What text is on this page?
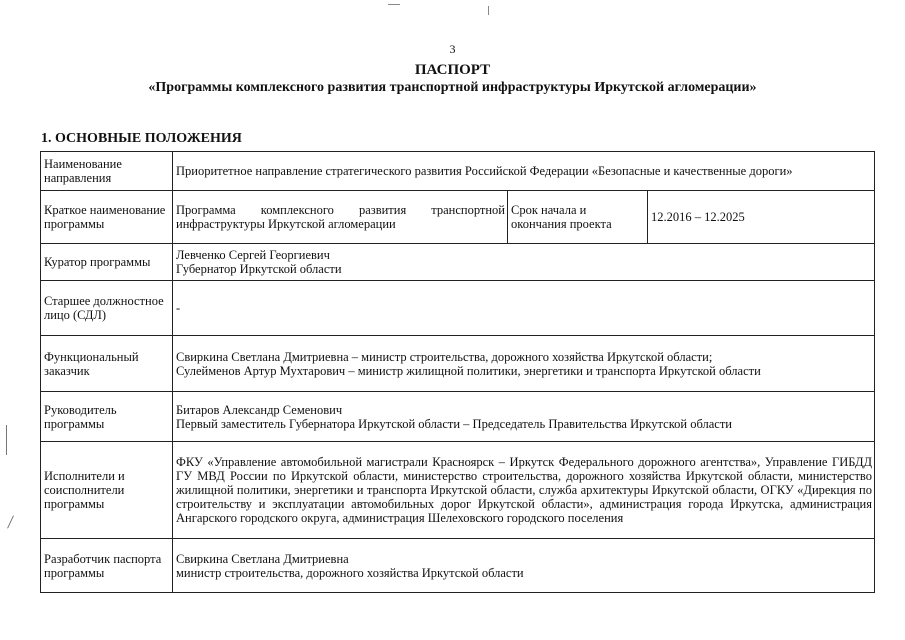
3
ПАСПОРТ
«Программы комплексного развития транспортной инфраструктуры Иркутской агломерации»
1. ОСНОВНЫЕ ПОЛОЖЕНИЯ
Наименование направления	Приоритетное направление стратегического развития Российской Федерации «Безопасные и качественные дороги»		
Краткое наименование программы	Программа комплексного развития транспортной инфраструктуры Иркутской агломерации	Срок начала и окончания проекта	12.2016 – 12.2025
Куратор программы	Левченко Сергей Георгиевич
Губернатор Иркутской области		

Старшее должностное лицо (СДЛ)	-		
Функциональный заказчик	Свиркина Светлана Дмитриевна – министр строительства, дорожного хозяйства Иркутской области;
Сулейменов Артур Мухтарович – министр жилищной политики, энергетики и транспорта Иркутской области		

Руководитель программы	Битаров Александр Семенович
Первый заместитель Губернатора Иркутской области – Председатель Правительства Иркутской области		

Исполнители и соисполнители программы	ФКУ «Управление автомобильной магистрали Красноярск – Иркутск Федерального дорожного агентства», Управление ГИБДД ГУ МВД России по Иркутской области, министерство строительства, дорожного хозяйства Иркутской области, министерство жилищной политики, энергетики и транспорта Иркутской области, служба архитектуры Иркутской области, ОГКУ «Дирекция по строительству и эксплуатации автомобильных дорог Иркутской области», администрация города Иркутска, администрация Ангарского городского округа, администрация Шелеховского городского поселения		
Разработчик паспорта программы	Свиркина Светлана Дмитриевна
министр строительства, дорожного хозяйства Иркутской области		
